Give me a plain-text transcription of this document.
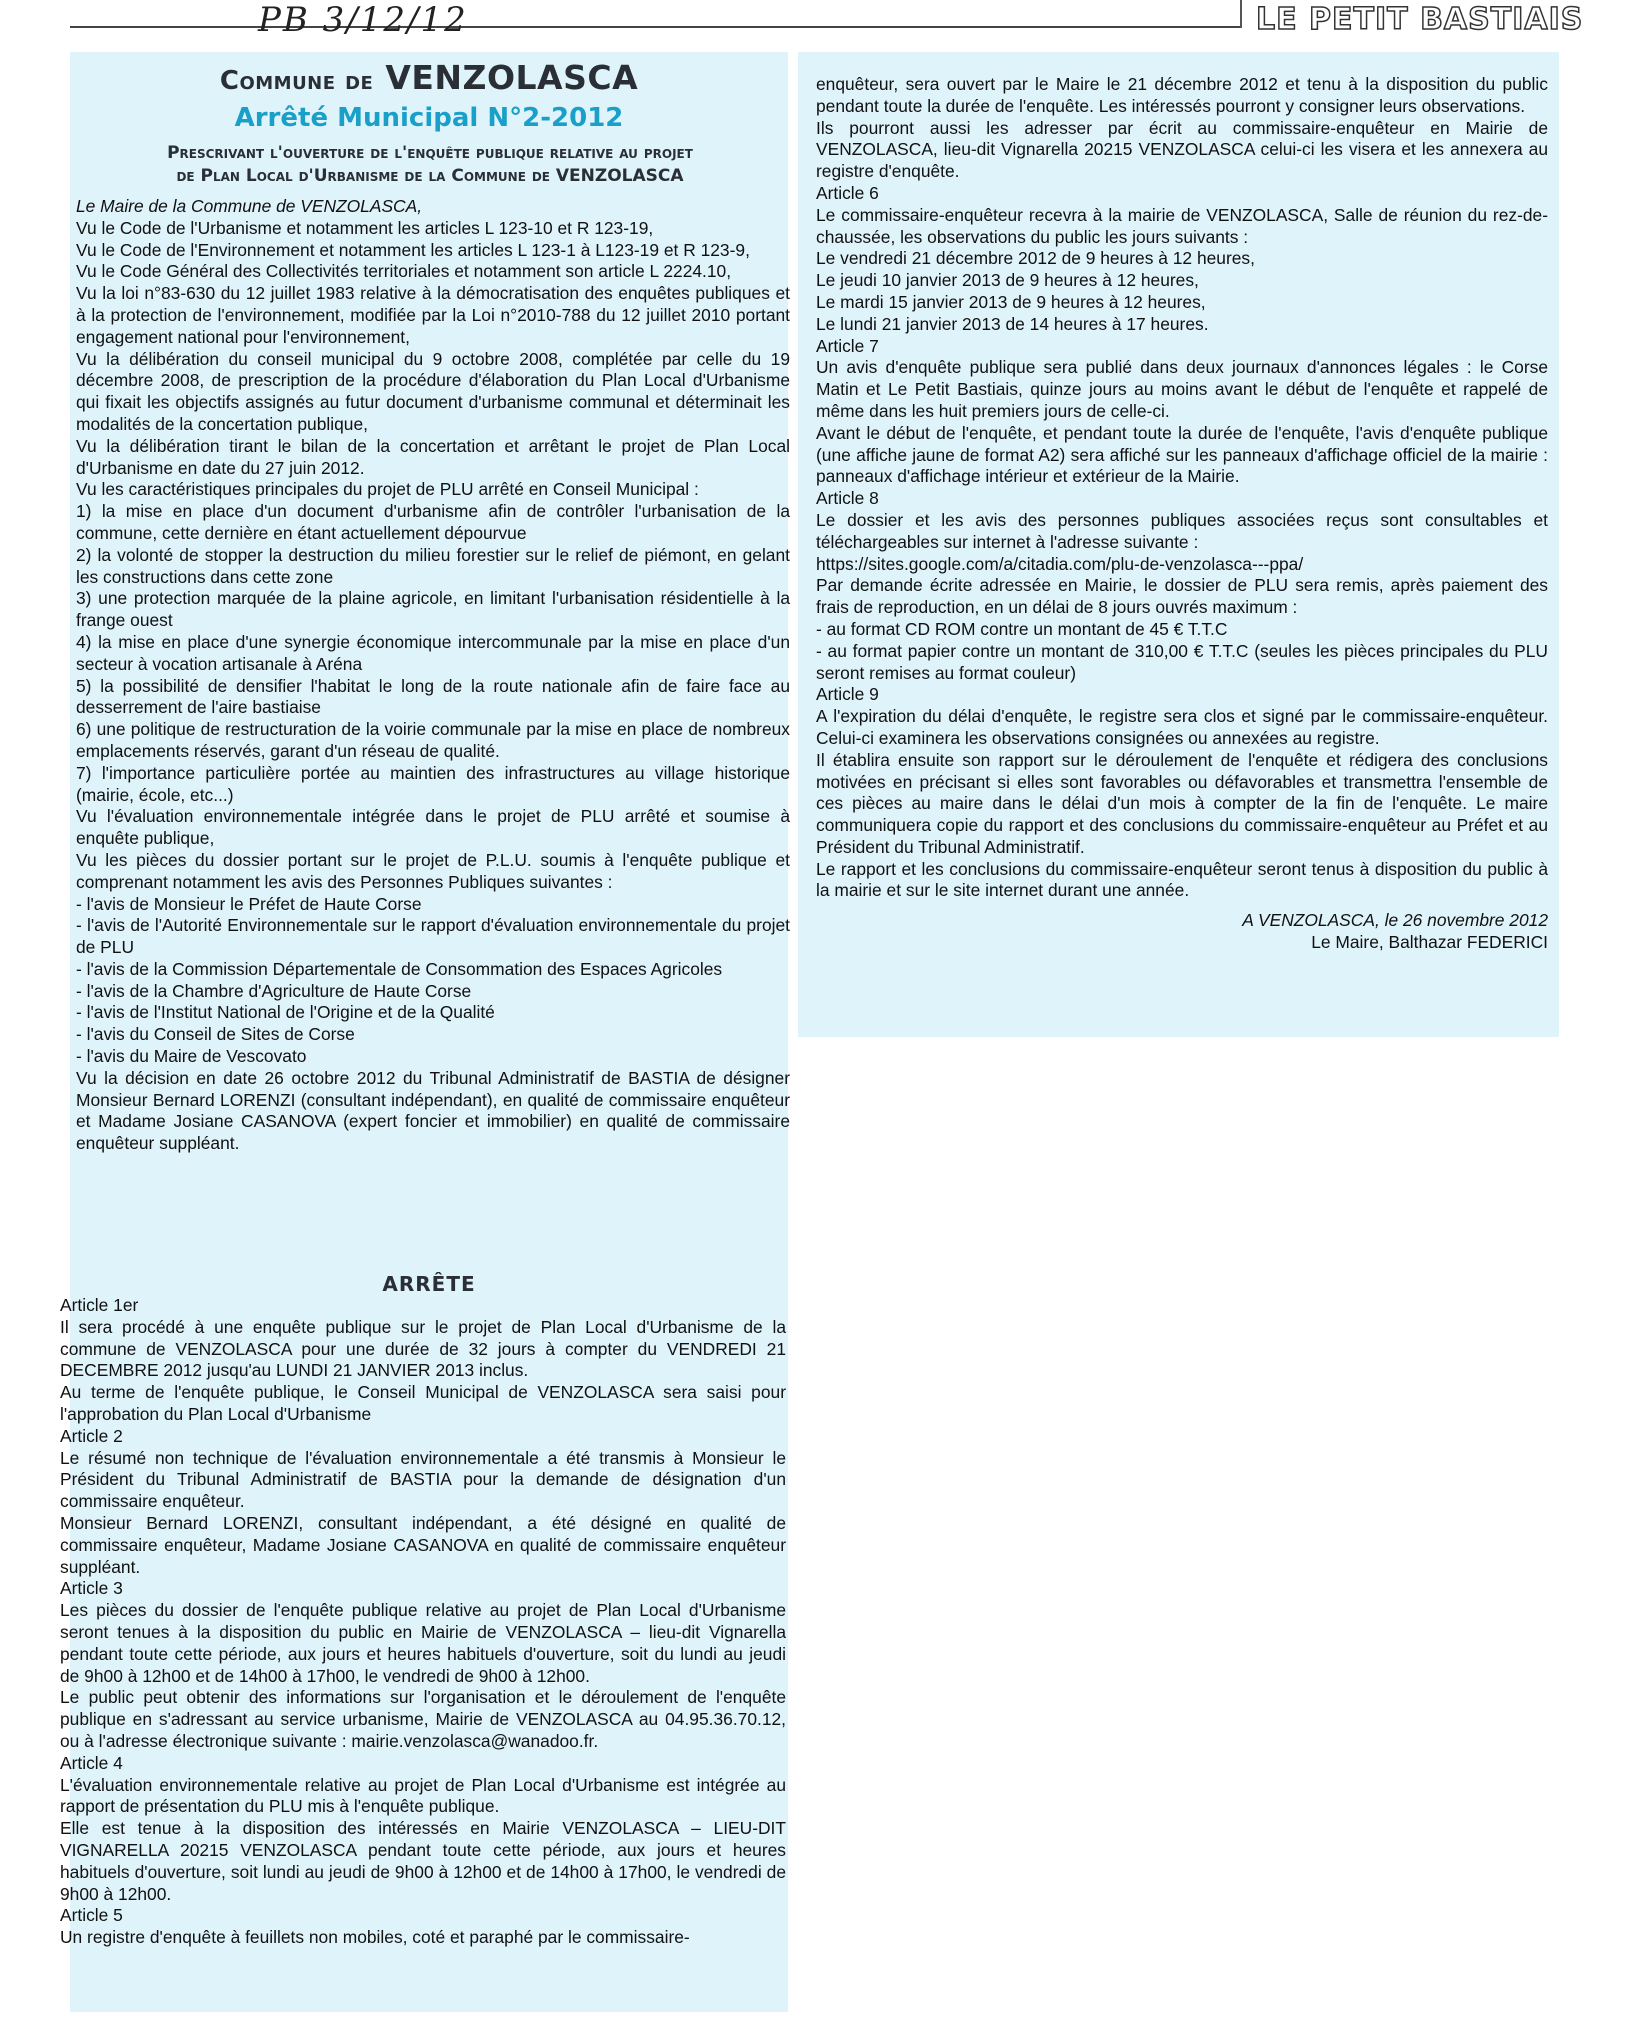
PB 3/12/12	LE PETIT BASTIAIS
Commune de VENZOLASCA
Arrêté Municipal N°2-2012
Prescrivant l'ouverture de l'enquête publique relative au projet
de Plan Local d'Urbanisme de la Commune de VENZOLASCA

Le Maire de la Commune de VENZOLASCA,

Vu le Code de l'Urbanisme et notamment les articles L 123-10 et R 123-19,

Vu le Code de l'Environnement et notamment les articles L 123-1 à L123-19 et R 123-9,

Vu le Code Général des Collectivités territoriales et notamment son article L 2224.10,

Vu la loi n°83-630 du 12 juillet 1983 relative à la démocratisation des enquêtes publiques et à la protection de l'environnement, modifiée par la Loi n°2010-788 du 12 juillet 2010 portant engagement national pour l'environnement,

Vu la délibération du conseil municipal du 9 octobre 2008, complétée par celle du 19 décembre 2008, de prescription de la procédure d'élaboration du Plan Local d'Urbanisme qui fixait les objectifs assignés au futur document d'urbanisme communal et déterminait les modalités de la concertation publique,

Vu la délibération tirant le bilan de la concertation et arrêtant le projet de Plan Local d'Urbanisme en date du 27 juin 2012.

Vu les caractéristiques principales du projet de PLU arrêté en Conseil Municipal :

1) la mise en place d'un document d'urbanisme afin de contrôler l'urbanisation de la commune, cette dernière en étant actuellement dépourvue

2) la volonté de stopper la destruction du milieu forestier sur le relief de piémont, en gelant les constructions dans cette zone

3) une protection marquée de la plaine agricole, en limitant l'urbanisation résidentielle à la frange ouest

4) la mise en place d'une synergie économique intercommunale par la mise en place d'un secteur à vocation artisanale à Aréna

5) la possibilité de densifier l'habitat le long de la route nationale afin de faire face au desserrement de l'aire bastiaise

6) une politique de restructuration de la voirie communale par la mise en place de nombreux emplacements réservés, garant d'un réseau de qualité.

7) l'importance particulière portée au maintien des infrastructures au village historique (mairie, école, etc...)

Vu l'évaluation environnementale intégrée dans le projet de PLU arrêté et soumise à enquête publique,

Vu les pièces du dossier portant sur le projet de P.L.U. soumis à l'enquête publique et comprenant notamment les avis des Personnes Publiques suivantes :

- l'avis de Monsieur le Préfet de Haute Corse

- l'avis de l'Autorité Environnementale sur le rapport d'évaluation environnementale du projet de PLU

- l'avis de la Commission Départementale de Consommation des Espaces Agricoles

- l'avis de la Chambre d'Agriculture de Haute Corse

- l'avis de l'Institut National de l'Origine et de la Qualité

- l'avis du Conseil de Sites de Corse

- l'avis du Maire de Vescovato

Vu la décision en date 26 octobre 2012 du Tribunal Administratif de BASTIA de désigner Monsieur Bernard LORENZI (consultant indépendant), en qualité de commissaire enquêteur et Madame Josiane CASANOVA (expert foncier et immobilier) en qualité de commissaire enquêteur suppléant.

ARRÊTE

Article 1er

Il sera procédé à une enquête publique sur le projet de Plan Local d'Urbanisme de la commune de VENZOLASCA pour une durée de 32 jours à compter du VENDREDI 21 DECEMBRE 2012 jusqu'au LUNDI 21 JANVIER 2013 inclus.

Au terme de l'enquête publique, le Conseil Municipal de VENZOLASCA sera saisi pour l'approbation du Plan Local d'Urbanisme

Article 2

Le résumé non technique de l'évaluation environnementale a été transmis à Monsieur le Président du Tribunal Administratif de BASTIA pour la demande de désignation d'un commissaire enquêteur.

Monsieur Bernard LORENZI, consultant indépendant, a été désigné en qualité de commissaire enquêteur, Madame Josiane CASANOVA en qualité de commissaire enquêteur suppléant.

Article 3

Les pièces du dossier de l'enquête publique relative au projet de Plan Local d'Urbanisme seront tenues à la disposition du public en Mairie de VENZOLASCA – lieu-dit Vignarella pendant toute cette période, aux jours et heures habituels d'ouverture, soit du lundi au jeudi de 9h00 à 12h00 et de 14h00 à 17h00, le vendredi de 9h00 à 12h00.

Le public peut obtenir des informations sur l'organisation et le déroulement de l'enquête publique en s'adressant au service urbanisme, Mairie de VENZOLASCA au 04.95.36.70.12, ou à l'adresse électronique suivante : mairie.venzolasca@wanadoo.fr.

Article 4

L'évaluation environnementale relative au projet de Plan Local d'Urbanisme est intégrée au rapport de présentation du PLU mis à l'enquête publique.

Elle est tenue à la disposition des intéressés en Mairie VENZOLASCA – LIEU-DIT VIGNARELLA 20215 VENZOLASCA pendant toute cette période, aux jours et heures habituels d'ouverture, soit lundi au jeudi de 9h00 à 12h00 et de 14h00 à 17h00, le vendredi de 9h00 à 12h00.

Article 5

Un registre d'enquête à feuillets non mobiles, coté et paraphé par le commissaire-

enquêteur, sera ouvert par le Maire le 21 décembre 2012 et tenu à la disposition du public pendant toute la durée de l'enquête. Les intéressés pourront y consigner leurs observations.

Ils pourront aussi les adresser par écrit au commissaire-enquêteur en Mairie de VENZOLASCA, lieu-dit Vignarella 20215 VENZOLASCA celui-ci les visera et les annexera au registre d'enquête.

Article 6

Le commissaire-enquêteur recevra à la mairie de VENZOLASCA, Salle de réunion du rez-de-chaussée, les observations du public les jours suivants :

Le vendredi 21 décembre 2012 de 9 heures à 12 heures,

Le jeudi 10 janvier 2013 de 9 heures à 12 heures,

Le mardi 15 janvier 2013 de 9 heures à 12 heures,

Le lundi 21 janvier 2013 de 14 heures à 17 heures.

Article 7

Un avis d'enquête publique sera publié dans deux journaux d'annonces légales : le Corse Matin et Le Petit Bastiais, quinze jours au moins avant le début de l'enquête et rappelé de même dans les huit premiers jours de celle-ci.

Avant le début de l'enquête, et pendant toute la durée de l'enquête, l'avis d'enquête publique (une affiche jaune de format A2) sera affiché sur les panneaux d'affichage officiel de la mairie : panneaux d'affichage intérieur et extérieur de la Mairie.

Article 8

Le dossier et les avis des personnes publiques associées reçus sont consultables et téléchargeables sur internet à l'adresse suivante :

https://sites.google.com/a/citadia.com/plu-de-venzolasca---ppa/

Par demande écrite adressée en Mairie, le dossier de PLU sera remis, après paiement des frais de reproduction, en un délai de 8 jours ouvrés maximum :

- au format CD ROM contre un montant de 45 € T.T.C

- au format papier contre un montant de 310,00 € T.T.C (seules les pièces principales du PLU seront remises au format couleur)

Article 9

A l'expiration du délai d'enquête, le registre sera clos et signé par le commissaire-enquêteur. Celui-ci examinera les observations consignées ou annexées au registre.

Il établira ensuite son rapport sur le déroulement de l'enquête et rédigera des conclusions motivées en précisant si elles sont favorables ou défavorables et transmettra l'ensemble de ces pièces au maire dans le délai d'un mois à compter de la fin de l'enquête. Le maire communiquera copie du rapport et des conclusions du commissaire-enquêteur au Préfet et au Président du Tribunal Administratif.

Le rapport et les conclusions du commissaire-enquêteur seront tenus à disposition du public à la mairie et sur le site internet durant une année.

A VENZOLASCA, le 26 novembre 2012

Le Maire, Balthazar FEDERICI
